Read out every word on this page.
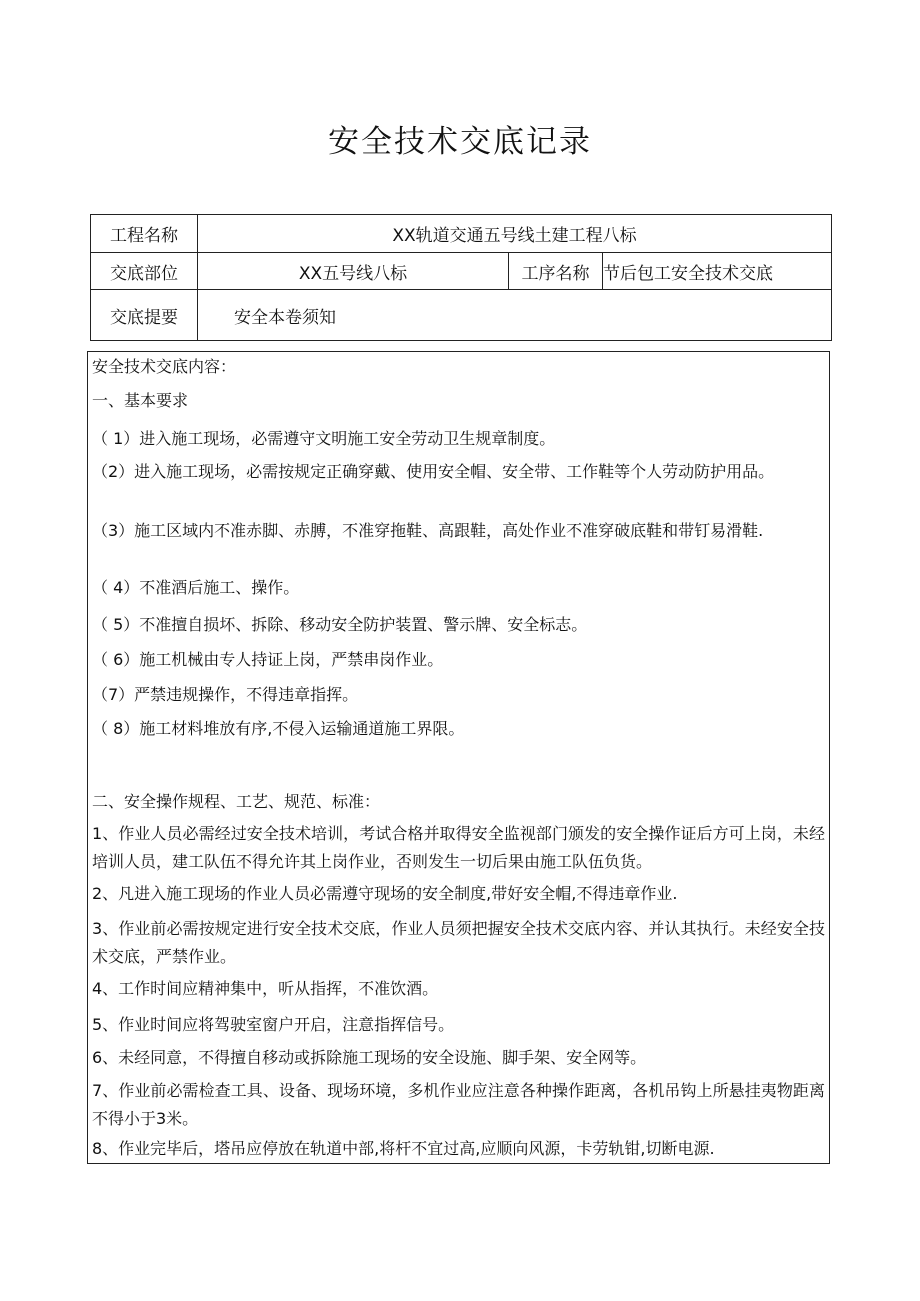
安全技术交底记录
工程名称	XX轨道交通五号线土建工程八标		
交底部位	XX五号线八标	工序名称	节后包工安全技术交底
交底提要	安全本卷须知		
安全技术交底内容：
一、基本要求
（ 1）进入施工现场，必需遵守文明施工安全劳动卫生规章制度。
（2）进入施工现场，必需按规定正确穿戴、使用安全帽、安全带、工作鞋等个人劳动防护用品。
（3）施工区域内不准赤脚、赤膊，不准穿拖鞋、高跟鞋，高处作业不准穿破底鞋和带钉易滑鞋.
（ 4）不准酒后施工、操作。
（ 5）不准擅自损坏、拆除、移动安全防护装置、警示牌、安全标志。
（ 6）施工机械由专人持证上岗，严禁串岗作业。
（7）严禁违规操作，不得违章指挥。
（ 8）施工材料堆放有序,不侵入运输通道施工界限。
二、安全操作规程、工艺、规范、标准：
1、作业人员必需经过安全技术培训，考试合格并取得安全监视部门颁发的安全操作证后方可上岗，未经培训人员，建工队伍不得允许其上岗作业，否则发生一切后果由施工队伍负货。
2、凡进入施工现场的作业人员必需遵守现场的安全制度,带好安全帽,不得违章作业.
3、作业前必需按规定进行安全技术交底，作业人员须把握安全技术交底内容、并认其执行。未经安全技术交底，严禁作业。
4、工作时间应精神集中，听从指挥，不准饮酒。
5、作业时间应将驾驶室窗户开启，注意指挥信号。
6、未经同意，不得擅自移动或拆除施工现场的安全设施、脚手架、安全网等。
7、作业前必需检查工具、设备、现场环境，多机作业应注意各种操作距离，各机吊钩上所悬挂夷物距离不得小于3米。
8、作业完毕后，塔吊应停放在轨道中部,将杆不宜过高,应顺向风源，卡劳轨钳,切断电源.
